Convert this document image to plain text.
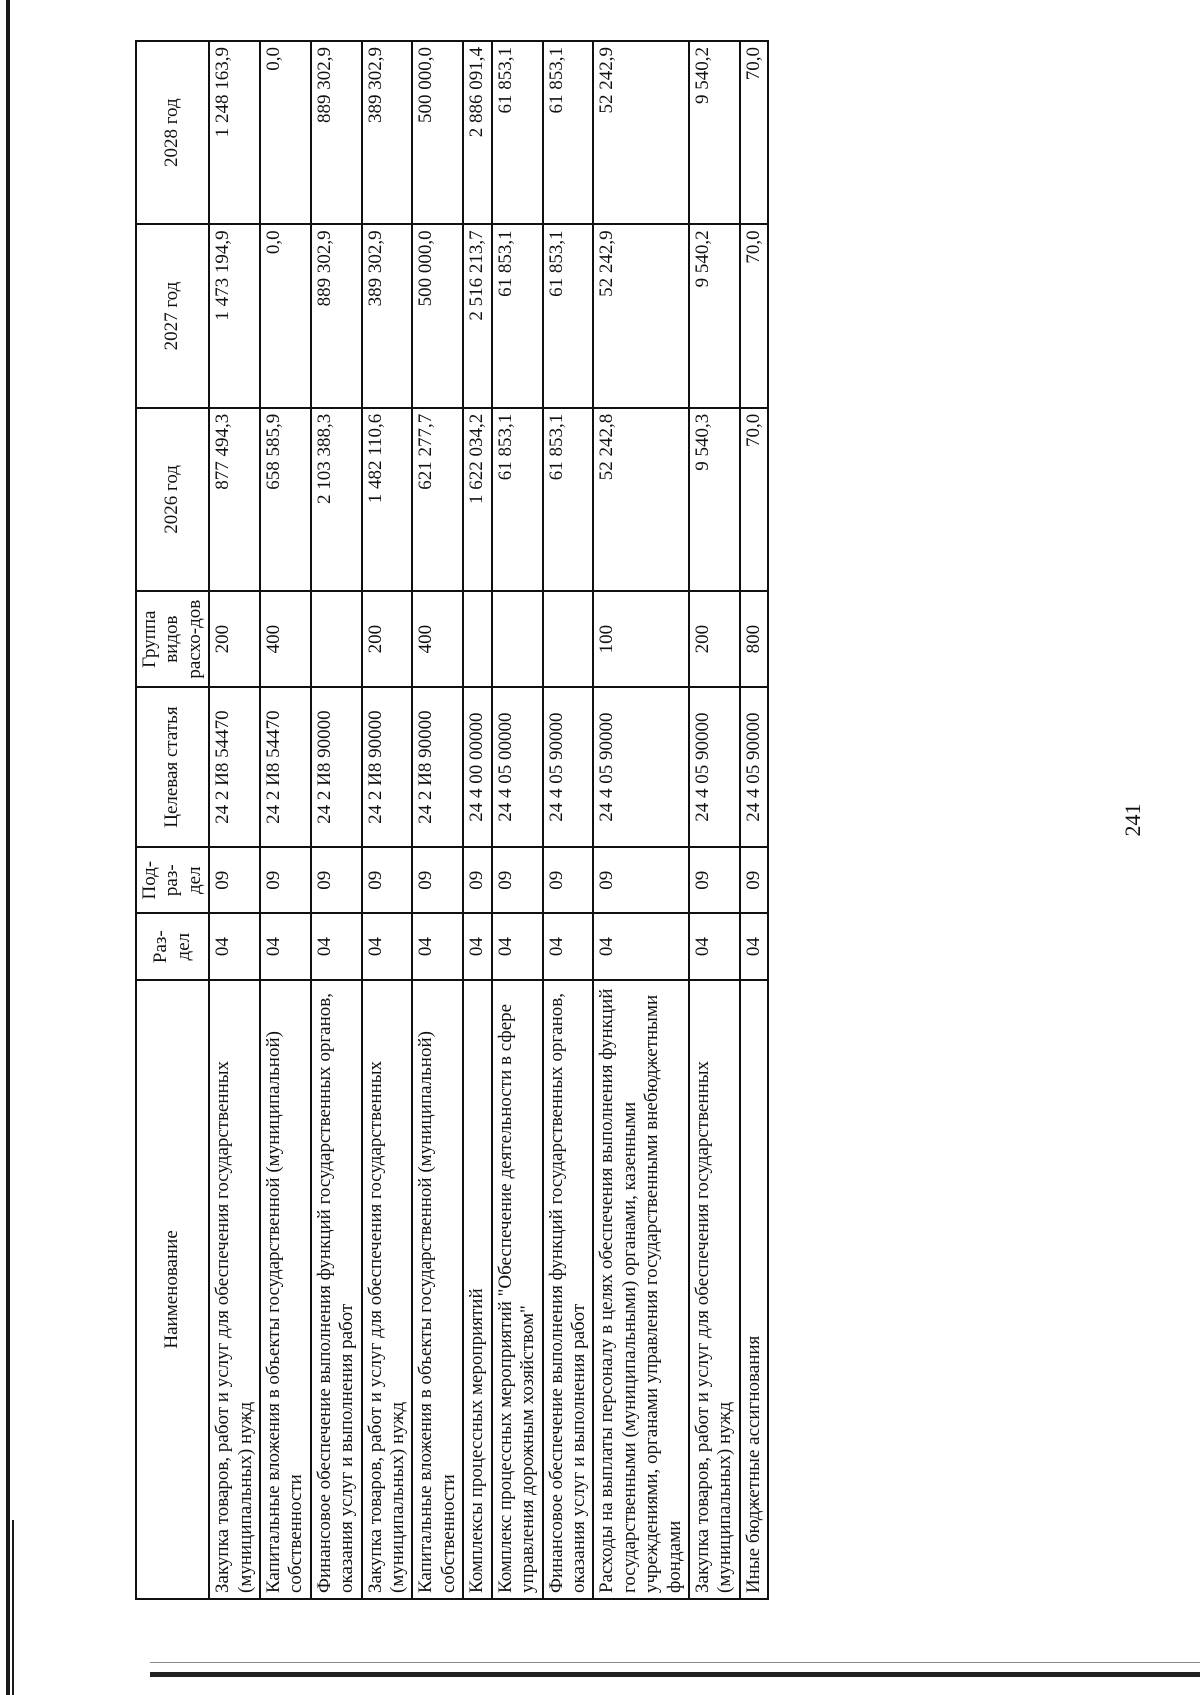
241
Наименование	Раз-дел	Под-раз-дел	Целевая статья	Группа видов расхо-дов	2026 год	2027 год	2028 год
Закупка товаров, работ и услуг для обеспечения государственных (муниципальных) нужд	04	09	24 2 И8 54470	200	877 494,3	1 473 194,9	1 248 163,9
Капитальные вложения в объекты государственной (муниципальной) собственности	04	09	24 2 И8 54470	400	658 585,9	0,0	0,0
Финансовое обеспечение выполнения функций государственных органов, оказания услуг и выполнения работ	04	09	24 2 И8 90000		2 103 388,3	889 302,9	889 302,9
Закупка товаров, работ и услуг для обеспечения государственных (муниципальных) нужд	04	09	24 2 И8 90000	200	1 482 110,6	389 302,9	389 302,9
Капитальные вложения в объекты государственной (муниципальной) собственности	04	09	24 2 И8 90000	400	621 277,7	500 000,0	500 000,0
Комплексы процессных мероприятий	04	09	24 4 00 00000		1 622 034,2	2 516 213,7	2 886 091,4
Комплекс процессных мероприятий "Обеспечение деятельности в сфере управления дорожным хозяйством"	04	09	24 4 05 00000		61 853,1	61 853,1	61 853,1
Финансовое обеспечение выполнения функций государственных органов, оказания услуг и выполнения работ	04	09	24 4 05 90000		61 853,1	61 853,1	61 853,1
Расходы на выплаты персоналу в целях обеспечения выполнения функций государственными (муниципальными) органами, казенными учреждениями, органами управления государственными внебюджетными фондами	04	09	24 4 05 90000	100	52 242,8	52 242,9	52 242,9
Закупка товаров, работ и услуг для обеспечения государственных (муниципальных) нужд	04	09	24 4 05 90000	200	9 540,3	9 540,2	9 540,2
Иные бюджетные ассигнования	04	09	24 4 05 90000	800	70,0	70,0	70,0
